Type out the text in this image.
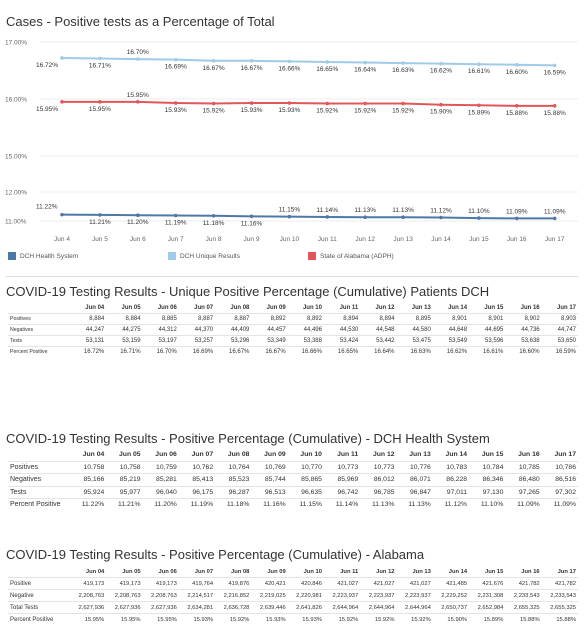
Cases - Positive tests as a Percentage of Total
17.00%
16.00%
15.00%
12.00%
11.00%
Jun 4	Jun 5	Jun 6	Jun 7	Jun 8	Jun 9	Jun 10	Jun 11	Jun 12	Jun 13	Jun 14	Jun 15	Jun 16	Jun 17
11.22%
11.21%	11.20%	11.19%	11.18%	11.16%
11.15%	11.14%	11.13%	11.13%	11.12%	11.10%	11.09%	11.09%
16.72%	16.71%
16.70%
16.69% 16.67% 16.67% 16.66% 16.65% 16.64% 16.63% 16.62% 16.61% 16.60% 16.59%
15.95%	15.95%
15.95%
15.93% 15.92% 15.93% 15.93% 15.92% 15.92% 15.92% 15.90% 15.89% 15.88% 15.88%
DCH Health System	DCH Unique Results	State of Alabama (ADPH)
COVID-19 Testing Results - Unique Positive Percentage (Cumulative) Patients DCH
	Jun 04	Jun 05	Jun 06	Jun 07	Jun 08	Jun 09	Jun 10	Jun 11	Jun 12	Jun 13	Jun 14	Jun 15	Jun 16	Jun 17
Positives	8,884	8,884	8,885	8,887	8,887	8,892	8,892	8,894	8,894	8,895	8,901	8,901	8,902	8,903
Negatives	44,247	44,275	44,312	44,370	44,409	44,457	44,496	44,530	44,548	44,580	44,648	44,695	44,736	44,747
Tests	53,131	53,159	53,197	53,257	53,296	53,349	53,388	53,424	53,442	53,475	53,549	53,596	53,638	53,650
Percent Positive	16.72%	16.71%	16.70%	16.69%	16.67%	16.67%	16.66%	16.65%	16.64%	16.63%	16.62%	16.61%	16.60%	16.59%
COVID-19 Testing Results - Positive Percentage (Cumulative) - DCH Health System
	Jun 04	Jun 05	Jun 06	Jun 07	Jun 08	Jun 09	Jun 10	Jun 11	Jun 12	Jun 13	Jun 14	Jun 15	Jun 16	Jun 17
Positives	10,758	10,758	10,759	10,762	10,764	10,769	10,770	10,773	10,773	10,776	10,783	10,784	10,785	10,786
Negatives	85,166	85,219	85,281	85,413	85,523	85,744	85,865	85,969	86,012	86,071	86,228	86,346	86,480	86,516
Tests	95,924	95,977	96,040	96,175	96,287	96,513	96,635	96,742	96,785	96,847	97,011	97,130	97,265	97,302
Percent Positive	11.22%	11.21%	11.20%	11.19%	11.18%	11.16%	11.15%	11.14%	11.13%	11.13%	11.12%	11.10%	11.09%	11.09%
COVID-19 Testing Results - Positive Percentage (Cumulative) - Alabama
	Jun 04	Jun 05	Jun 06	Jun 07	Jun 08	Jun 09	Jun 10	Jun 11	Jun 12	Jun 13	Jun 14	Jun 15	Jun 16	Jun 17
Positive	419,173	419,173	419,173	419,764	419,876	420,421	420,846	421,027	421,027	421,027	421,485	421,676	421,782	421,782
Negative	2,208,763	2,208,763	2,208,763	2,214,517	2,216,852	2,219,025	2,220,981	2,223,937	2,223,937	2,223,937	2,229,252	2,231,308	2,233,543	2,233,543
Total Tests	2,627,936	2,627,936	2,627,936	2,634,281	2,636,728	2,639,446	2,641,826	2,644,964	2,644,964	2,644,964	2,650,737	2,652,984	2,655,325	2,655,325
Percent Positive	15.95%	15.95%	15.95%	15.93%	15.92%	15.93%	15.93%	15.92%	15.92%	15.92%	15.90%	15.89%	15.88%	15.88%
